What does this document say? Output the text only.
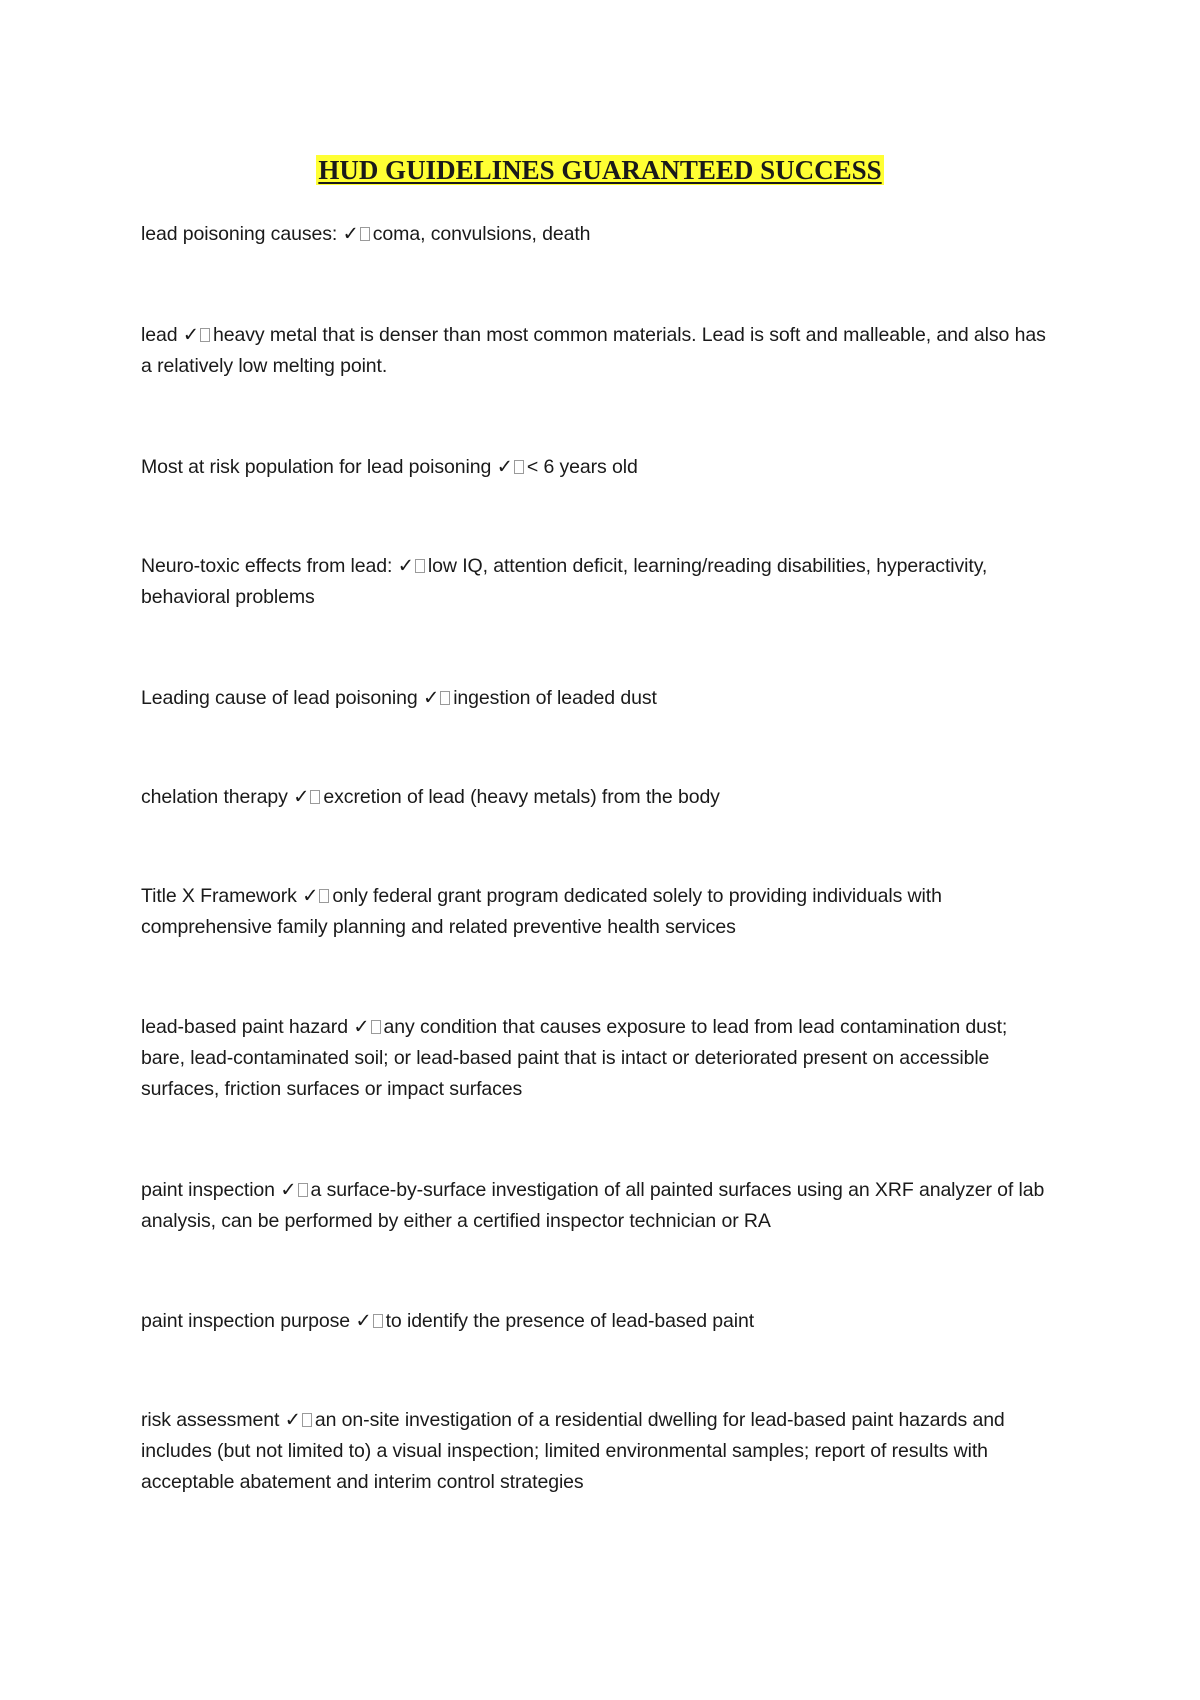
HUD GUIDELINES GUARANTEED SUCCESS
lead poisoning causes: ✓ coma, convulsions, death
lead ✓ heavy metal that is denser than most common materials. Lead is soft and malleable, and also has a relatively low melting point.
Most at risk population for lead poisoning ✓ < 6 years old
Neuro-toxic effects from lead: ✓ low IQ, attention deficit, learning/reading disabilities, hyperactivity, behavioral problems
Leading cause of lead poisoning ✓ ingestion of leaded dust
chelation therapy ✓ excretion of lead (heavy metals) from the body
Title X Framework ✓ only federal grant program dedicated solely to providing individuals with comprehensive family planning and related preventive health services
lead-based paint hazard ✓ any condition that causes exposure to lead from lead contamination dust; bare, lead-contaminated soil; or lead-based paint that is intact or deteriorated present on accessible surfaces, friction surfaces or impact surfaces
paint inspection ✓ a surface-by-surface investigation of all painted surfaces using an XRF analyzer of lab analysis, can be performed by either a certified inspector technician or RA
paint inspection purpose ✓ to identify the presence of lead-based paint
risk assessment ✓ an on-site investigation of a residential dwelling for lead-based paint hazards and includes (but not limited to) a visual inspection; limited environmental samples; report of results with acceptable abatement and interim control strategies
